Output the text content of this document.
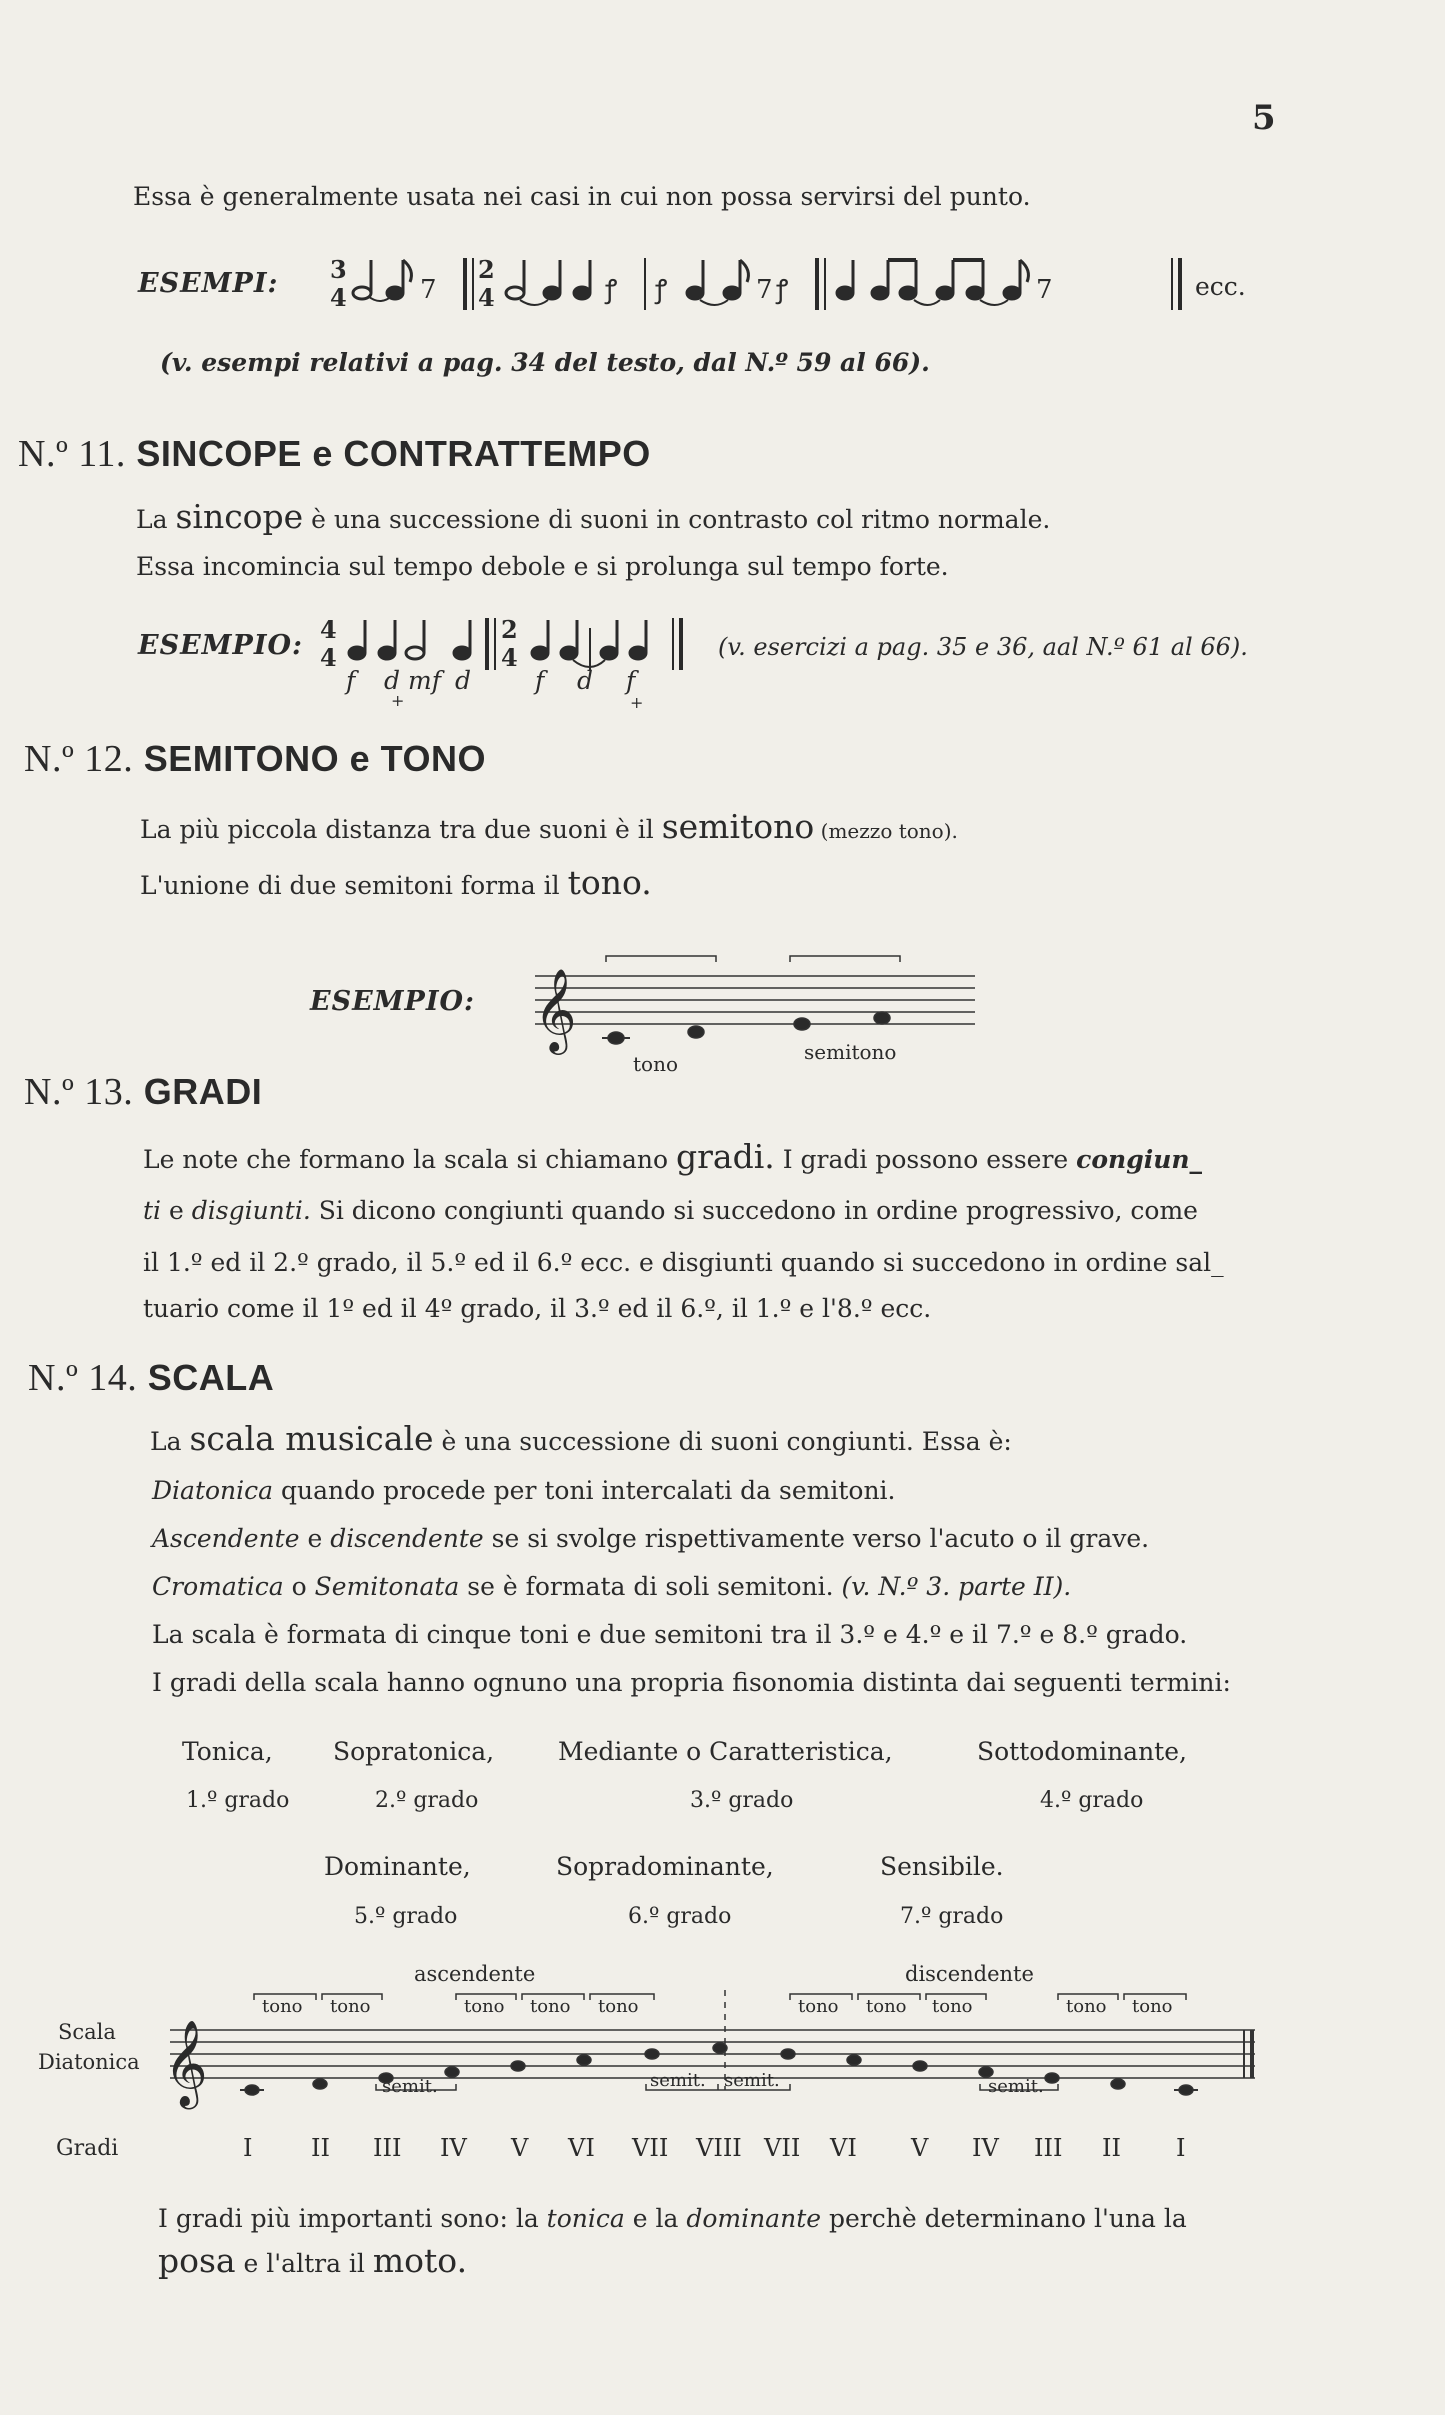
5
Essa è generalmente usata nei casi in cui non possa servirsi del punto.
ESEMPI: 3
4	7
2
4	ꝭ ꝭ	7 ꝭ	7	ecc.
(v. esempi relativi a pag. 34 del testo, dal N.º 59 al 66).
N.º 11. SINCOPE e CONTRATTEMPO
La sincope è una successione di suoni in contrasto col ritmo normale.
Essa incomincia sul tempo debole e si prolunga sul tempo forte.
ESEMPIO:
4
4
2
4
+	+
f d mf d	f d f
(v. esercizi a pag. 35 e 36, aal N.º 61 al 66).
N.º 12. SEMITONO e TONO
La più piccola distanza tra due suoni è il semitono (mezzo tono).
L'unione di due semitoni forma il tono.
ESEMPIO: 𝄞
tono	semitono
N.º 13. GRADI
Le note che formano la scala si chiamano gradi. I gradi possono essere congiun_
ti e disgiunti. Si dicono congiunti quando si succedono in ordine progressivo, come
il 1.º ed il 2.º grado, il 5.º ed il 6.º ecc. e disgiunti quando si succedono in ordine sal_
tuario come il 1º ed il 4º grado, il 3.º ed il 6.º, il 1.º e l'8.º ecc.
N.º 14. SCALA
La scala musicale è una successione di suoni congiunti. Essa è:
Diatonica quando procede per toni intercalati da semitoni.
Ascendente e discendente se si svolge rispettivamente verso l'acuto o il grave.
Cromatica o Semitonata se è formata di soli semitoni. (v. N.º 3. parte II).
La scala è formata di cinque toni e due semitoni tra il 3.º e 4.º e il 7.º e 8.º grado.
I gradi della scala hanno ognuno una propria fisonomia distinta dai seguenti termini:
Tonica,
1.º grado
Sopratonica,
2.º grado
Mediante o Caratteristica,
3.º grado
Sottodominante,
4.º grado
Dominante,
5.º grado
Sopradominante,
6.º grado
Sensibile.
7.º grado
ascendente	discendente
Scala
Diatonica 𝄞
tono tono	tono tono tono	tono tono tono	tono tono
semit.	semit. semit.	semit.
Gradi	I II III IV V VI VII VIII VII VI V IV III II I
I gradi più importanti sono: la tonica e la dominante perchè determinano l'una la
posa e l'altra il moto.
